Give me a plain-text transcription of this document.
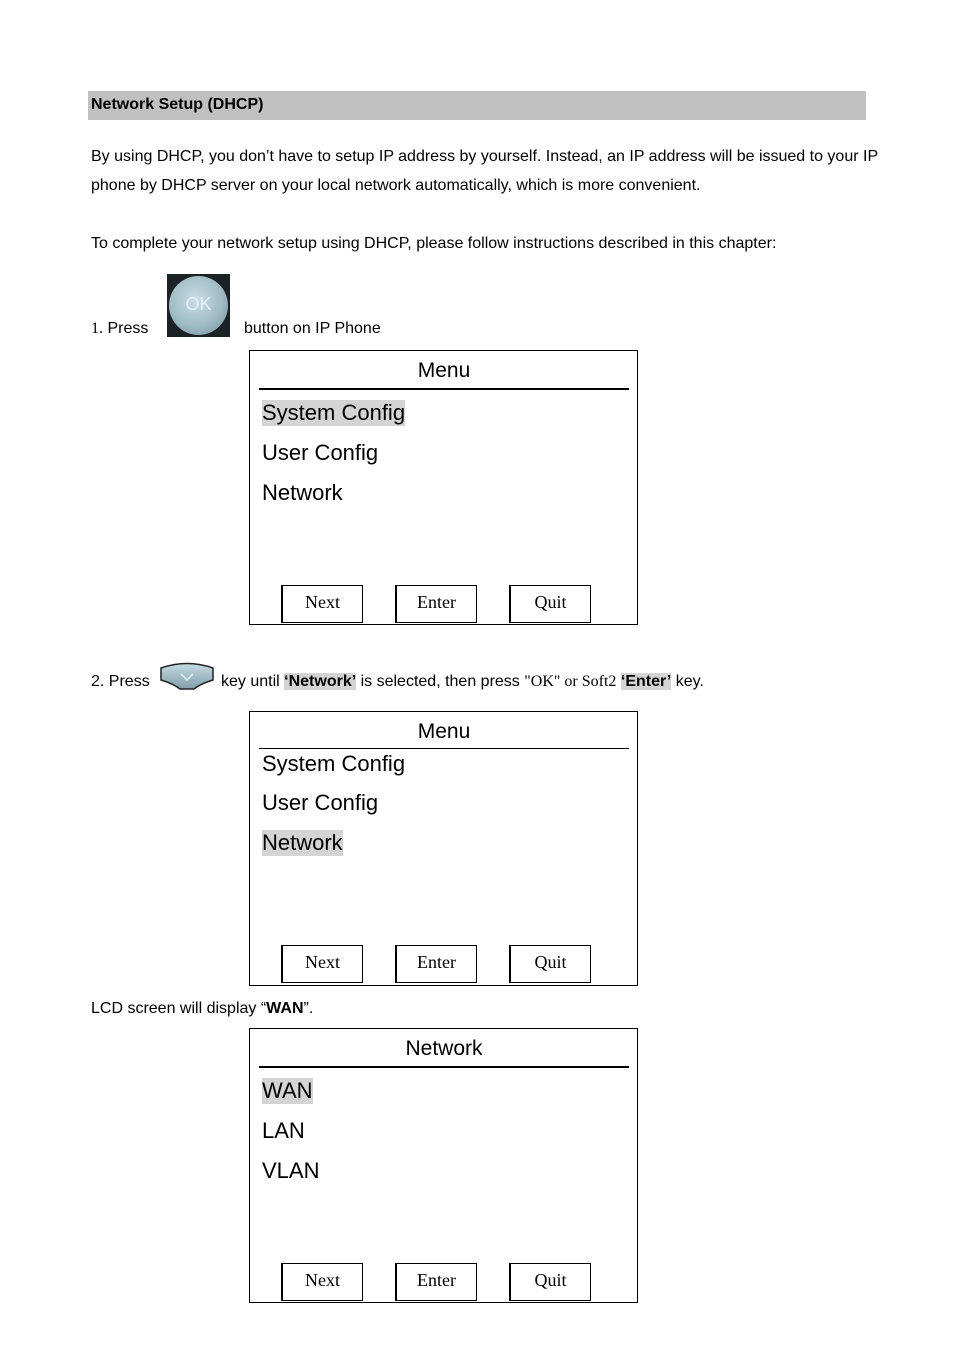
Network Setup (DHCP)
By using DHCP, you don’t have to setup IP address by yourself. Instead, an IP address will be issued to your IP phone by DHCP server on your local network automatically, which is more convenient.
To complete your network setup using DHCP, please follow instructions described in this chapter:
1. Press
OK
button on IP Phone
Menu
System Config
User Config
Network
Next	Enter	Quit
2. Press	key until ‘Network’ is selected, then press "OK" or Soft2 ‘Enter’ key.
Menu
System Config
User Config
Network
Next	Enter	Quit
LCD screen will display “WAN”.
Network
WAN
LAN
VLAN
Next	Enter	Quit
